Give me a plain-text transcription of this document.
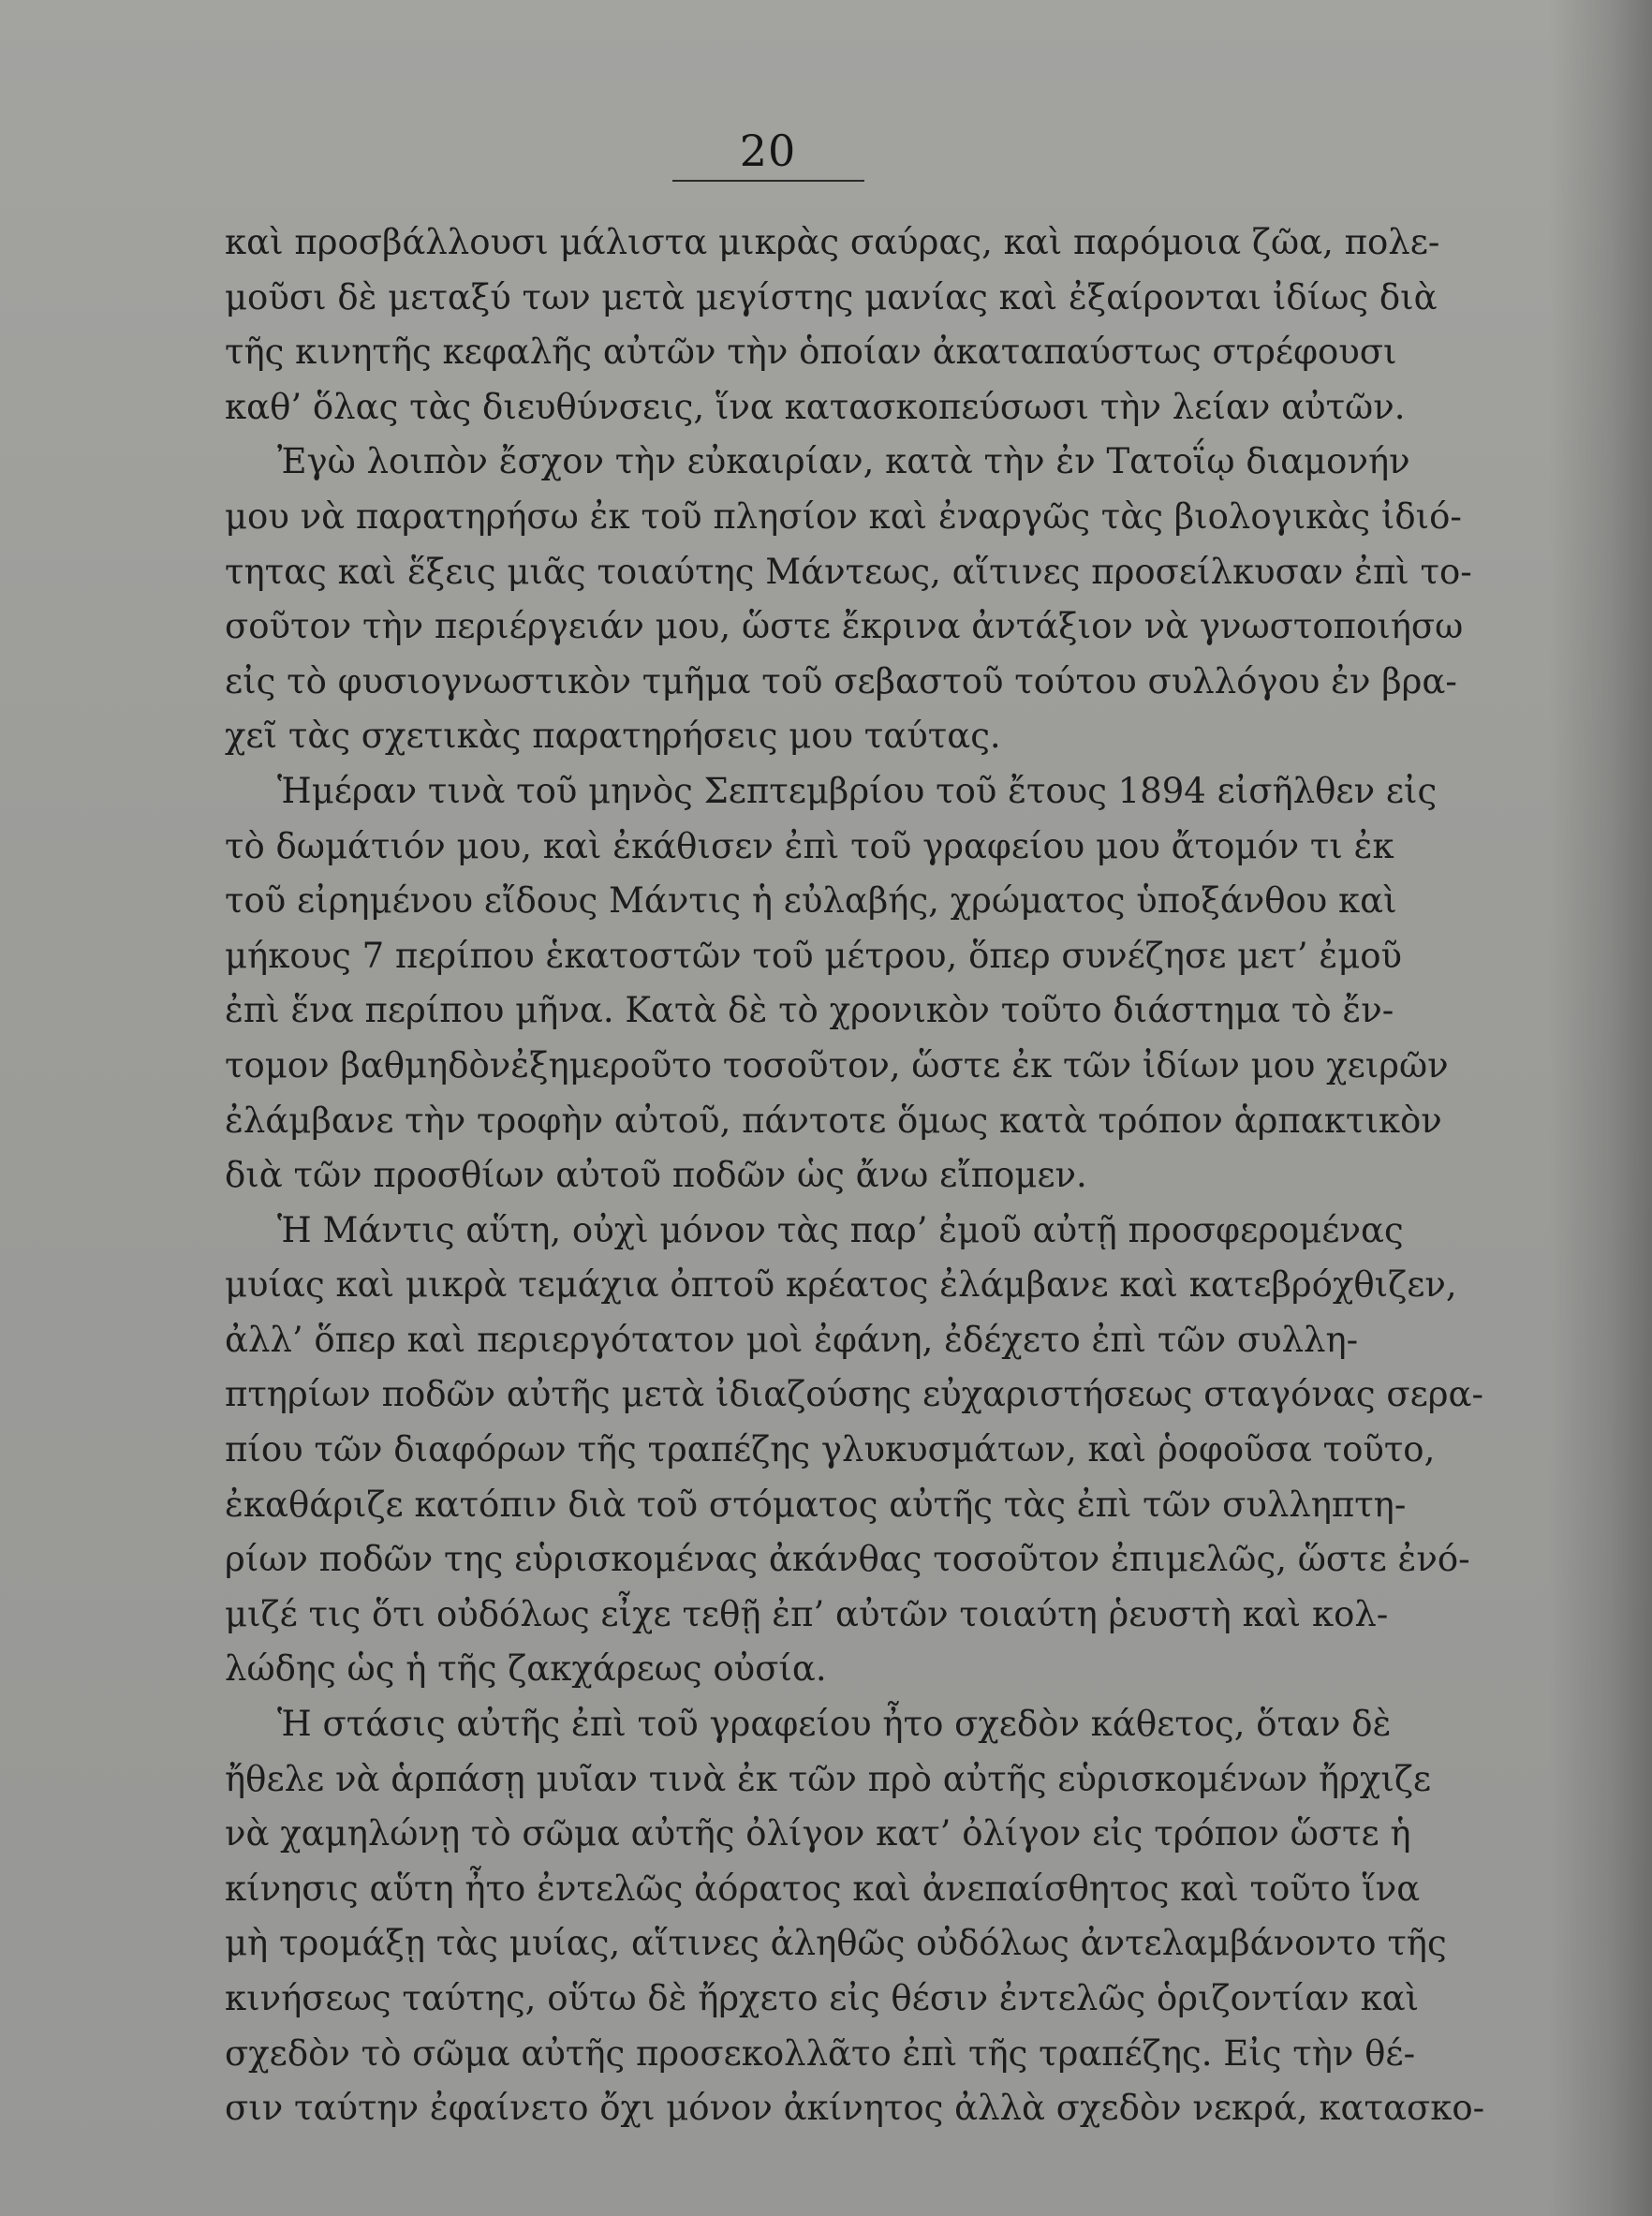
20
καὶ προσβάλλουσι μάλιστα μικρὰς σαύρας, καὶ παρόμοια ζῶα, πολε-
μοῦσι δὲ μεταξύ των μετὰ μεγίστης μανίας καὶ ἐξαίρονται ἰδίως διὰ
τῆς κινητῆς κεφαλῆς αὐτῶν τὴν ὁποίαν ἀκαταπαύστως στρέφουσι
καθ’ ὅλας τὰς διευθύνσεις, ἵνα κατασκοπεύσωσι τὴν λείαν αὐτῶν.
Ἐγὼ λοιπὸν ἔσχον τὴν εὐκαιρίαν, κατὰ τὴν ἐν Τατοΐῳ διαμονήν
μου νὰ παρατηρήσω ἐκ τοῦ πλησίον καὶ ἐναργῶς τὰς βιολογικὰς ἰδιό-
τητας καὶ ἕξεις μιᾶς τοιαύτης Μάντεως, αἵτινες προσείλκυσαν ἐπὶ το-
σοῦτον τὴν περιέργειάν μου, ὥστε ἔκρινα ἀντάξιον νὰ γνωστοποιήσω
εἰς τὸ φυσιογνωστικὸν τμῆμα τοῦ σεβαστοῦ τούτου συλλόγου ἐν βρα-
χεῖ τὰς σχετικὰς παρατηρήσεις μου ταύτας.
Ἡμέραν τινὰ τοῦ μηνὸς Σεπτεμβρίου τοῦ ἔτους 1894 εἰσῆλθεν εἰς
τὸ δωμάτιόν μου, καὶ ἐκάθισεν ἐπὶ τοῦ γραφείου μου ἄτομόν τι ἐκ
τοῦ εἰρημένου εἴδους Μάντις ἡ εὐλαβής, χρώματος ὑποξάνθου καὶ
μήκους 7 περίπου ἑκατοστῶν τοῦ μέτρου, ὅπερ συνέζησε μετ’ ἐμοῦ
ἐπὶ ἕνα περίπου μῆνα. Κατὰ δὲ τὸ χρονικὸν τοῦτο διάστημα τὸ ἔν-
τομον βαθμηδὸνἐξημεροῦτο τοσοῦτον, ὥστε ἐκ τῶν ἰδίων μου χειρῶν
ἐλάμβανε τὴν τροφὴν αὐτοῦ, πάντοτε ὅμως κατὰ τρόπον ἁρπακτικὸν
διὰ τῶν προσθίων αὐτοῦ ποδῶν ὡς ἄνω εἴπομεν.
Ἡ Μάντις αὕτη, οὐχὶ μόνον τὰς παρ’ ἐμοῦ αὐτῇ προσφερομένας
μυίας καὶ μικρὰ τεμάχια ὀπτοῦ κρέατος ἐλάμβανε καὶ κατεβρόχθιζεν,
ἀλλ’ ὅπερ καὶ περιεργότατον μοὶ ἐφάνη, ἐδέχετο ἐπὶ τῶν συλλη-
πτηρίων ποδῶν αὐτῆς μετὰ ἰδιαζούσης εὐχαριστήσεως σταγόνας σερα-
πίου τῶν διαφόρων τῆς τραπέζης γλυκυσμάτων, καὶ ῥοφοῦσα τοῦτο,
ἐκαθάριζε κατόπιν διὰ τοῦ στόματος αὐτῆς τὰς ἐπὶ τῶν συλληπτη-
ρίων ποδῶν της εὑρισκομένας ἀκάνθας τοσοῦτον ἐπιμελῶς, ὥστε ἐνό-
μιζέ τις ὅτι οὐδόλως εἶχε τεθῇ ἐπ’ αὐτῶν τοιαύτη ῥευστὴ καὶ κολ-
λώδης ὡς ἡ τῆς ζακχάρεως οὐσία.
Ἡ στάσις αὐτῆς ἐπὶ τοῦ γραφείου ἦτο σχεδὸν κάθετος, ὅταν δὲ
ἤθελε νὰ ἁρπάσῃ μυῖαν τινὰ ἐκ τῶν πρὸ αὐτῆς εὑρισκομένων ἤρχιζε
νὰ χαμηλώνῃ τὸ σῶμα αὐτῆς ὀλίγον κατ’ ὀλίγον εἰς τρόπον ὥστε ἡ
κίνησις αὕτη ἦτο ἐντελῶς ἀόρατος καὶ ἀνεπαίσθητος καὶ τοῦτο ἵνα
μὴ τρομάξῃ τὰς μυίας, αἵτινες ἀληθῶς οὐδόλως ἀντελαμβάνοντο τῆς
κινήσεως ταύτης, οὕτω δὲ ἤρχετο εἰς θέσιν ἐντελῶς ὁριζοντίαν καὶ
σχεδὸν τὸ σῶμα αὐτῆς προσεκολλᾶτο ἐπὶ τῆς τραπέζης. Εἰς τὴν θέ-
σιν ταύτην ἐφαίνετο ὄχι μόνον ἀκίνητος ἀλλὰ σχεδὸν νεκρά, κατασκο-
